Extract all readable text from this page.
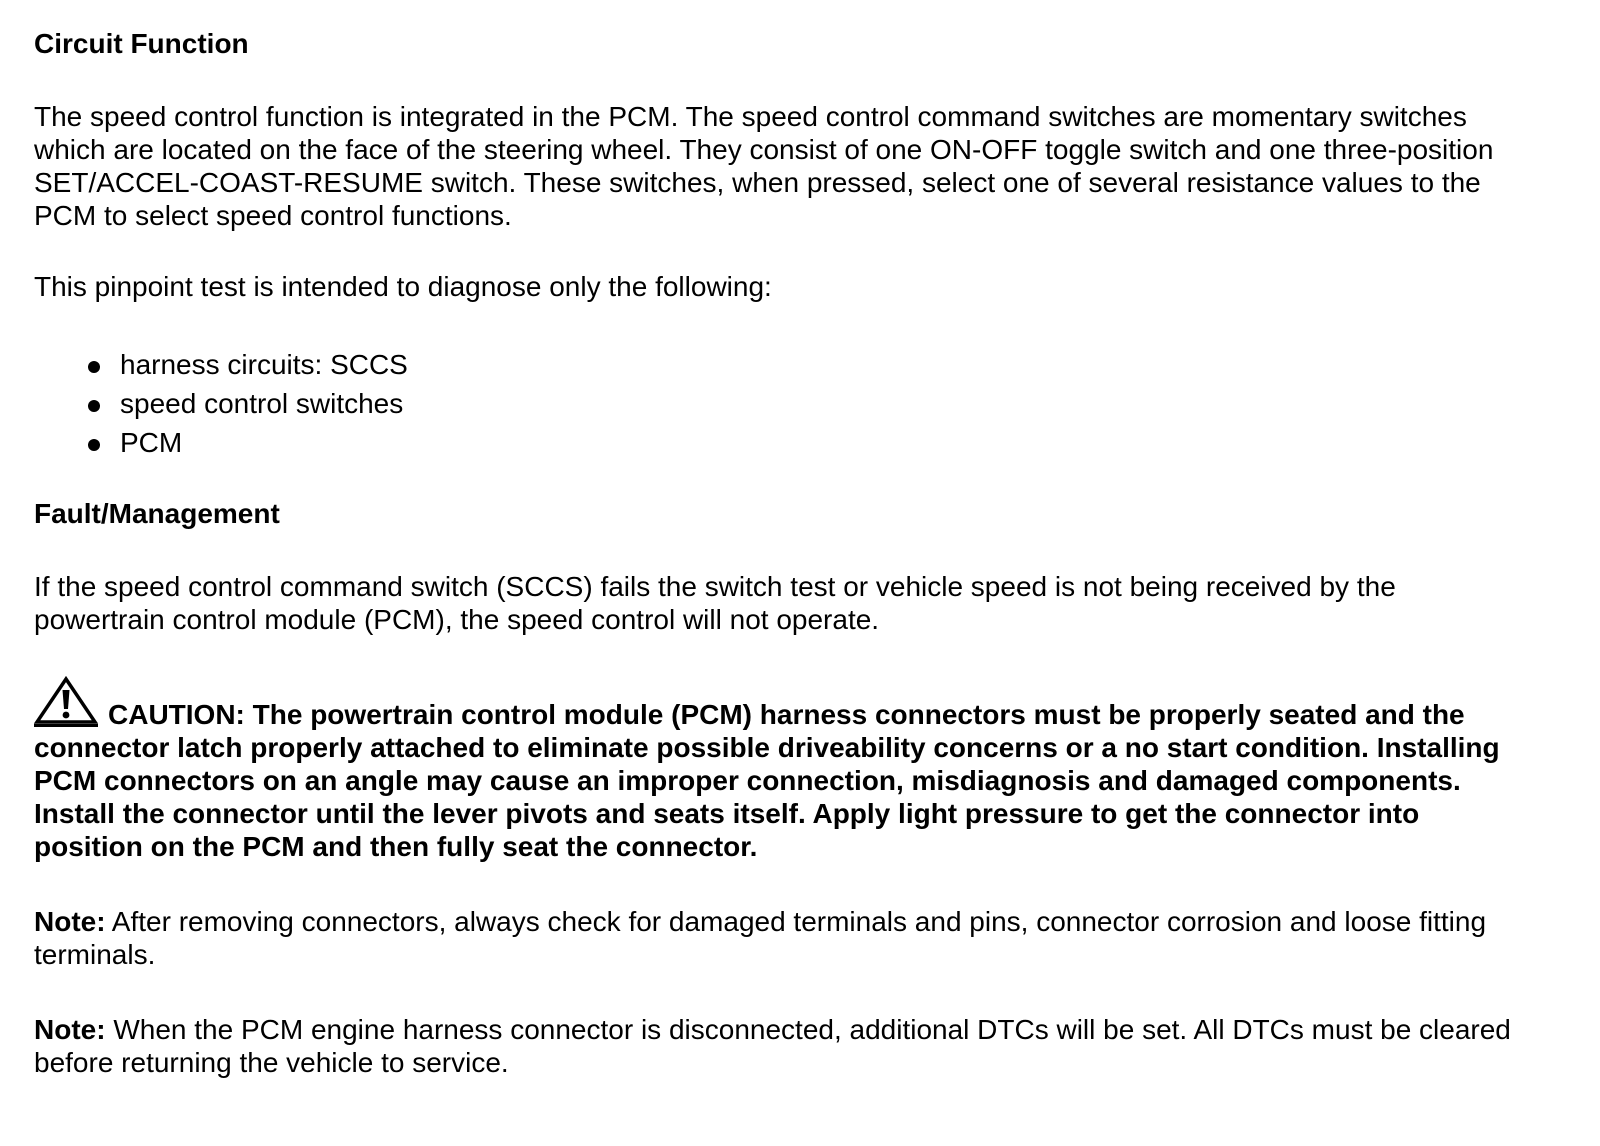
Circuit Function

The speed control function is integrated in the PCM. The speed control command switches are momentary switches which are located on the face of the steering wheel. They consist of one ON-OFF toggle switch and one three-position SET/ACCEL-COAST-RESUME switch. These switches, when pressed, select one of several resistance values to the PCM to select speed control functions.

This pinpoint test is intended to diagnose only the following:

harness circuits: SCCS
speed control switches
PCM
Fault/Management

If the speed control command switch (SCCS) fails the switch test or vehicle speed is not being received by the powertrain control module (PCM), the speed control will not operate.

CAUTION: The powertrain control module (PCM) harness connectors must be properly seated and the connector latch properly attached to eliminate possible driveability concerns or a no start condition. Installing PCM connectors on an angle may cause an improper connection, misdiagnosis and damaged components. Install the connector until the lever pivots and seats itself. Apply light pressure to get the connector into position on the PCM and then fully seat the connector.

Note: After removing connectors, always check for damaged terminals and pins, connector corrosion and loose fitting terminals.

Note: When the PCM engine harness connector is disconnected, additional DTCs will be set. All DTCs must be cleared before returning the vehicle to service.
